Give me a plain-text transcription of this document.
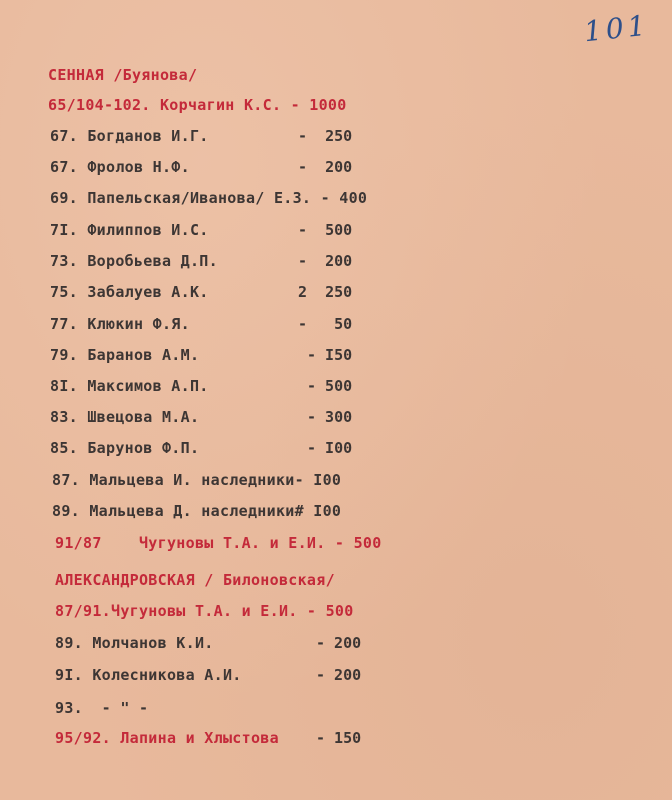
101
СЕННАЯ /Буянова/
65/104-102. Корчагин К.С. - 1000
67. Богданов И.Г.	-  250
67. Фролов Н.Ф.	-  200
69. Папельская/Иванова/ Е.З. - 400
7I. Филиппов И.С.	-  500
73. Воробьева Д.П.	-  200
75. Забалуев А.К.	2  250
77. Клюкин Ф.Я.	-   50
79. Баранов А.М.	- I50
8I. Максимов А.П.	- 500
83. Швецова М.А.	- 300
85. Барунов Ф.П.	- I00
87. Мальцева И. наследники- I00
89. Мальцева Д. наследники# I00
91/87    Чугуновы Т.А. и Е.И. - 500
АЛЕКСАНДРОВСКАЯ / Билоновская/
87/91.Чугуновы Т.А. и Е.И. - 500
89. Молчанов К.И.	- 200
9I. Колесникова А.И.	- 200
93.  - " -
95/92. Лапина и Хлыстова - 150
